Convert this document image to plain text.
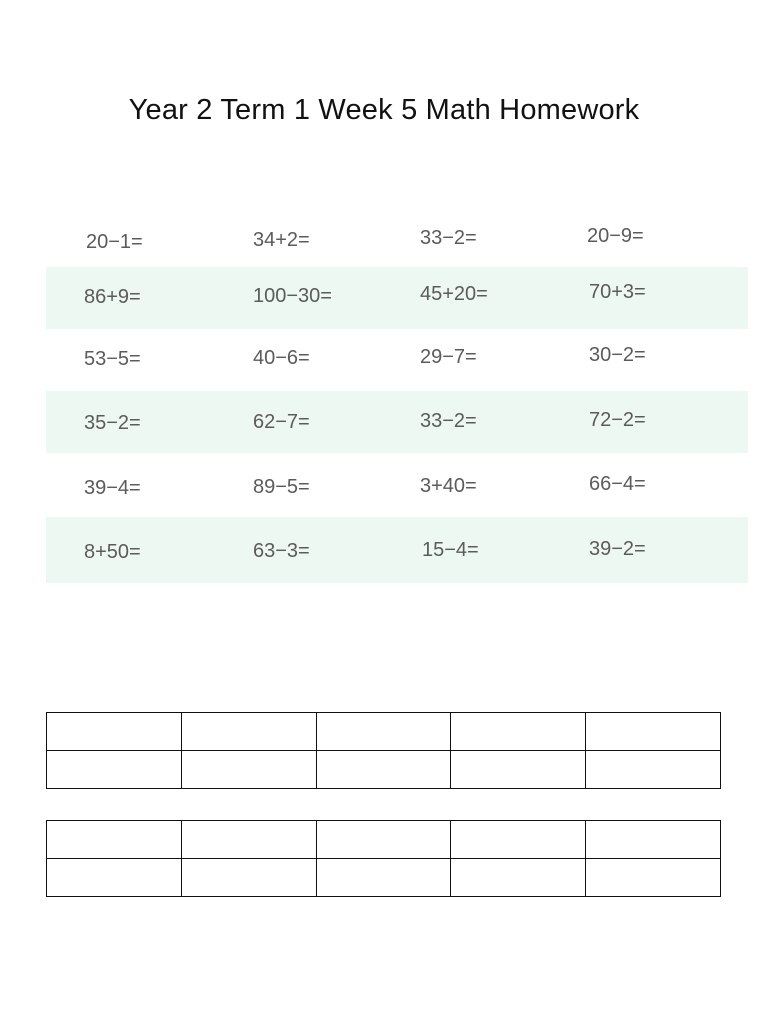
Year 2 Term 1 Week 5 Math Homework
20−1=	34+2=	33−2=	20−9=
86+9=	100−30=	45+20=	70+3=
53−5=	40−6=	29−7=	30−2=
35−2=	62−7=	33−2=	72−2=
39−4=	89−5=	3+40=	66−4=
8+50=	63−3=	15−4=	39−2=
